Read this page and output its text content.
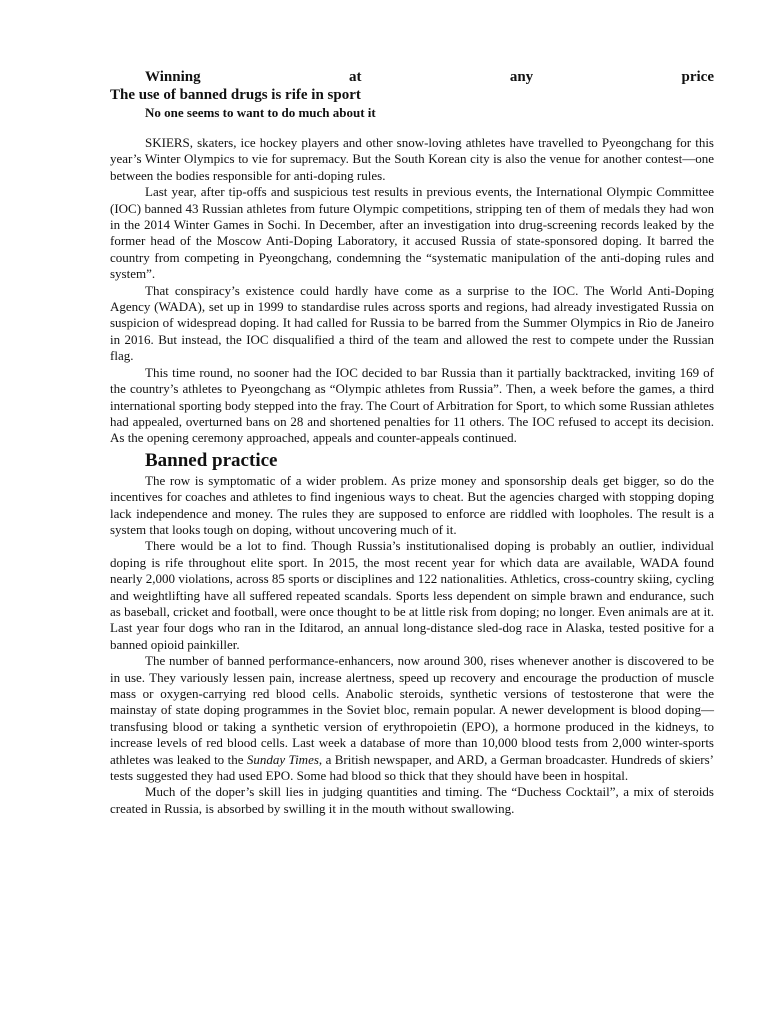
Winning	at	any	price
The use of banned drugs is rife in sport
No one seems to want to do much about it

SKIERS, skaters, ice hockey players and other snow-loving athletes have travelled to Pyeongchang for this year’s Winter Olympics to vie for supremacy. But the South Korean city is also the venue for another contest—one between the bodies responsible for anti-doping rules.

Last year, after tip-offs and suspicious test results in previous events, the International Olympic Committee (IOC) banned 43 Russian athletes from future Olympic competitions, stripping ten of them of medals they had won in the 2014 Winter Games in Sochi. In December, after an investigation into drug-screening records leaked by the former head of the Moscow Anti-Doping Laboratory, it accused Russia of state-sponsored doping. It barred the country from competing in Pyeongchang, condemning the “systematic manipulation of the anti-doping rules and system”.

That conspiracy’s existence could hardly have come as a surprise to the IOC. The World Anti-Doping Agency (WADA), set up in 1999 to standardise rules across sports and regions, had already investigated Russia on suspicion of widespread doping. It had called for Russia to be barred from the Summer Olympics in Rio de Janeiro in 2016. But instead, the IOC disqualified a third of the team and allowed the rest to compete under the Russian flag.

This time round, no sooner had the IOC decided to bar Russia than it partially backtracked, inviting 169 of the country’s athletes to Pyeongchang as “Olympic athletes from Russia”. Then, a week before the games, a third international sporting body stepped into the fray. The Court of Arbitration for Sport, to which some Russian athletes had appealed, overturned bans on 28 and shortened penalties for 11 others. The IOC refused to accept its decision. As the opening ceremony approached, appeals and counter-appeals continued.

Banned practice

The row is symptomatic of a wider problem. As prize money and sponsorship deals get bigger, so do the incentives for coaches and athletes to find ingenious ways to cheat. But the agencies charged with stopping doping lack independence and money. The rules they are supposed to enforce are riddled with loopholes. The result is a system that looks tough on doping, without uncovering much of it.

There would be a lot to find. Though Russia’s institutionalised doping is probably an outlier, individual doping is rife throughout elite sport. In 2015, the most recent year for which data are available, WADA found nearly 2,000 violations, across 85 sports or disciplines and 122 nationalities. Athletics, cross-country skiing, cycling and weightlifting have all suffered repeated scandals. Sports less dependent on simple brawn and endurance, such as baseball, cricket and football, were once thought to be at little risk from doping; no longer. Even animals are at it. Last year four dogs who ran in the Iditarod, an annual long-distance sled-dog race in Alaska, tested positive for a banned opioid painkiller.

The number of banned performance-enhancers, now around 300, rises whenever another is discovered to be in use. They variously lessen pain, increase alertness, speed up recovery and encourage the production of muscle mass or oxygen-carrying red blood cells. Anabolic steroids, synthetic versions of testosterone that were the mainstay of state doping programmes in the Soviet bloc, remain popular. A newer development is blood doping—transfusing blood or taking a synthetic version of erythropoietin (EPO), a hormone produced in the kidneys, to increase levels of red blood cells. Last week a database of more than 10,000 blood tests from 2,000 winter-sports athletes was leaked to the Sunday Times, a British newspaper, and ARD, a German broadcaster. Hundreds of skiers’ tests suggested they had used EPO. Some had blood so thick that they should have been in hospital.

Much of the doper’s skill lies in judging quantities and timing. The “Duchess Cocktail”, a mix of steroids created in Russia, is absorbed by swilling it in the mouth without swallowing.
